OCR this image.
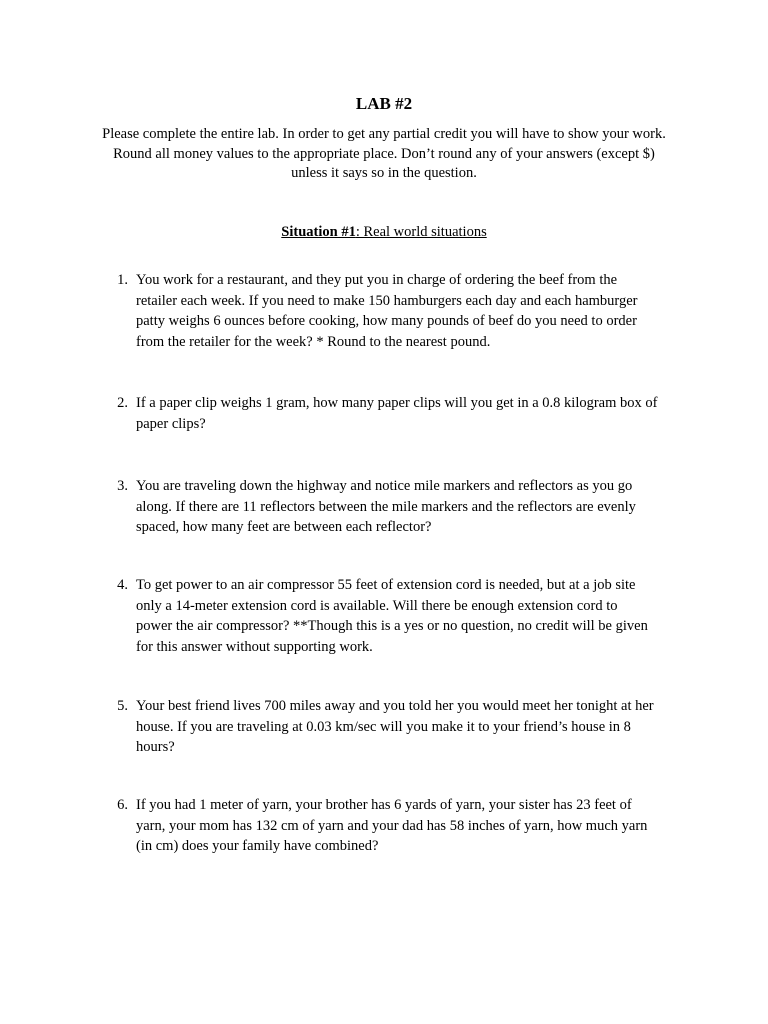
LAB #2
Please complete the entire lab. In order to get any partial credit you will have to show your work.
Round all money values to the appropriate place. Don’t round any of your answers (except $)
unless it says so in the question.
Situation #1: Real world situations
1. You work for a restaurant, and they put you in charge of ordering the beef from the
retailer each week. If you need to make 150 hamburgers each day and each hamburger
patty weighs 6 ounces before cooking, how many pounds of beef do you need to order
from the retailer for the week? * Round to the nearest pound.
2. If a paper clip weighs 1 gram, how many paper clips will you get in a 0.8 kilogram box of
paper clips?
3. You are traveling down the highway and notice mile markers and reflectors as you go
along. If there are 11 reflectors between the mile markers and the reflectors are evenly
spaced, how many feet are between each reflector?
4. To get power to an air compressor 55 feet of extension cord is needed, but at a job site
only a 14-meter extension cord is available. Will there be enough extension cord to
power the air compressor? **Though this is a yes or no question, no credit will be given
for this answer without supporting work.
5. Your best friend lives 700 miles away and you told her you would meet her tonight at her
house. If you are traveling at 0.03 km/sec will you make it to your friend’s house in 8
hours?
6. If you had 1 meter of yarn, your brother has 6 yards of yarn, your sister has 23 feet of
yarn, your mom has 132 cm of yarn and your dad has 58 inches of yarn, how much yarn
(in cm) does your family have combined?
